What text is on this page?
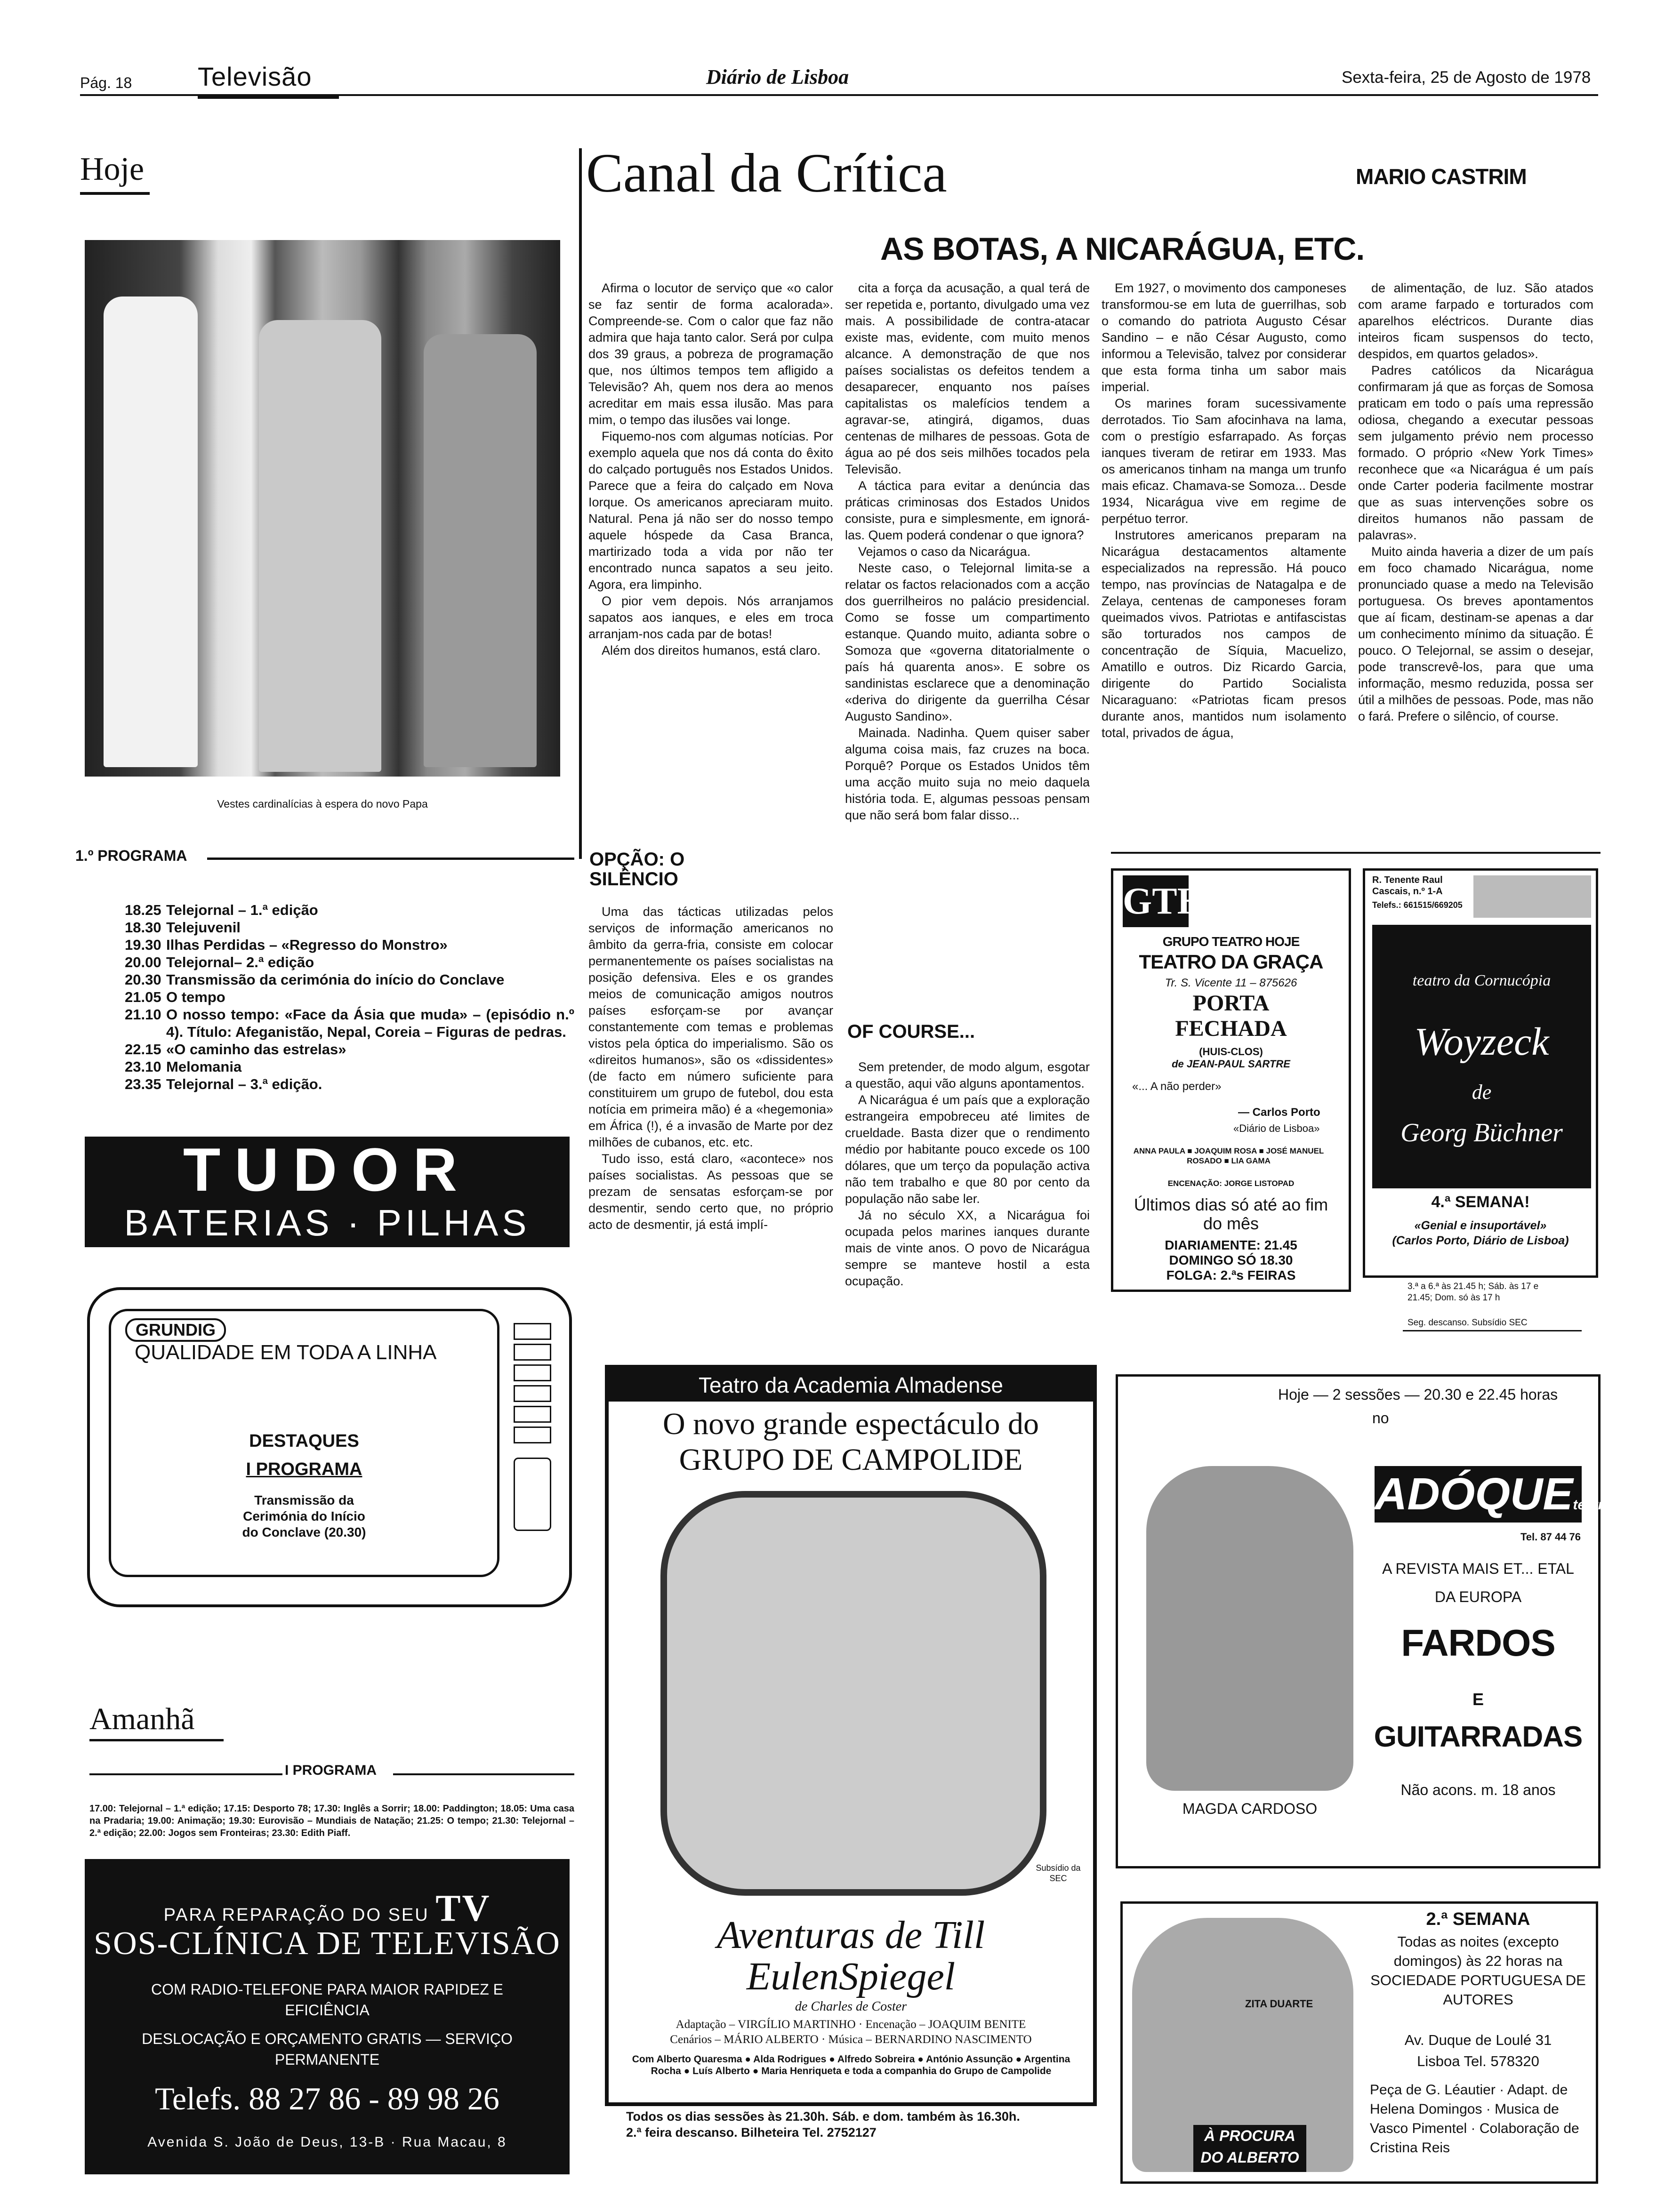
Pág. 18 Televisão	Diário de Lisboa	Sexta-feira, 25 de Agosto de 1978
Hoje
Vestes cardinalícias à espera do novo Papa
1.º PROGRAMA
18.25 Telejornal – 1.ª edição
18.30 Telejuvenil
19.30 Ilhas Perdidas – «Regresso do Monstro»
20.00 Telejornal– 2.ª edição
20.30 Transmissão da cerimónia do início do Conclave
21.05 O tempo
21.10 O nosso tempo: «Face da Ásia que muda» – (episódio n.º 4). Título: Afeganistão, Nepal, Coreia – Figuras de pedras.
22.15 «O caminho das estrelas»
23.10 Melomania
23.35 Telejornal – 3.ª edição.
TUDOR
BATERIAS · PILHAS
GRUNDIG
QUALIDADE EM TODA A LINHA
DESTAQUES
I PROGRAMA
Transmissão da Cerimónia do Início do Conclave (20.30)
Amanhã
I PROGRAMA
17.00: Telejornal – 1.ª edição; 17.15: Desporto 78; 17.30: Inglês a Sorrir; 18.00: Paddington; 18.05: Uma casa na Pradaria; 19.00: Animação; 19.30: Eurovisão – Mundiais de Natação; 21.25: O tempo; 21.30: Telejornal – 2.ª edição; 22.00: Jogos sem Fronteiras; 23.30: Edith Piaff.
PARA REPARAÇÃO DO SEU TV
SOS-CLÍNICA DE TELEVISÃO
COM RADIO-TELEFONE PARA MAIOR RAPIDEZ E EFICIÊNCIA
DESLOCAÇÃO E ORÇAMENTO GRATIS — SERVIÇO PERMANENTE
Telefs. 88 27 86 - 89 98 26
Avenida S. João de Deus, 13-B · Rua Macau, 8
Canal da Crítica	MARIO CASTRIM
AS BOTAS, A NICARÁGUA, ETC.

Afirma o locutor de serviço que «o calor se faz sentir de forma acalorada». Compreende-se. Com o calor que faz não admira que haja tanto calor. Será por culpa dos 39 graus, a pobreza de programação que, nos últimos tempos tem afligido a Televisão? Ah, quem nos dera ao menos acreditar em mais essa ilusão. Mas para mim, o tempo das ilusões vai longe.

Fiquemo-nos com algumas notícias. Por exemplo aquela que nos dá conta do êxito do calçado português nos Estados Unidos. Parece que a feira do calçado em Nova Iorque. Os americanos apreciaram muito. Natural. Pena já não ser do nosso tempo aquele hóspede da Casa Branca, martirizado toda a vida por não ter encontrado nunca sapatos a seu jeito. Agora, era limpinho.

O pior vem depois. Nós arranjamos sapatos aos ianques, e eles em troca arranjam-nos cada par de botas!

Além dos direitos humanos, está claro.

OPÇÃO: O SILÊNCIO

Uma das tácticas utilizadas pelos serviços de informação americanos no âmbito da gerra-fria, consiste em colocar permanentemente os países socialistas na posição defensiva. Eles e os grandes meios de comunicação amigos noutros países esforçam-se por avançar constantemente com temas e problemas vistos pela óptica do imperialismo. São os «direitos humanos», são os «dissidentes» (de facto em número suficiente para constituirem um grupo de futebol, dou esta notícia em primeira mão) é a «hegemonia» em África (!), é a invasão de Marte por dez milhões de cubanos, etc. etc.

Tudo isso, está claro, «acontece» nos países socialistas. As pessoas que se prezam de sensatas esforçam-se por desmentir, sendo certo que, no próprio acto de desmentir, já está implí-

cita a força da acusação, a qual terá de ser repetida e, portanto, divulgado uma vez mais. A possibilidade de contra-atacar existe mas, evidente, com muito menos alcance. A demonstração de que nos países socialistas os defeitos tendem a desaparecer, enquanto nos países capitalistas os malefícios tendem a agravar-se, atingirá, digamos, duas centenas de milhares de pessoas. Gota de água ao pé dos seis milhões tocados pela Televisão.

A táctica para evitar a denúncia das práticas criminosas dos Estados Unidos consiste, pura e simplesmente, em ignorá-las. Quem poderá condenar o que ignora?

Vejamos o caso da Nicarágua.

Neste caso, o Telejornal limita-se a relatar os factos relacionados com a acção dos guerrilheiros no palácio presidencial. Como se fosse um compartimento estanque. Quando muito, adianta sobre o Somoza que «governa ditatorialmente o país há quarenta anos». E sobre os sandinistas esclarece que a denominação «deriva do dirigente da guerrilha César Augusto Sandino».

Mainada. Nadinha. Quem quiser saber alguma coisa mais, faz cruzes na boca. Porquê? Porque os Estados Unidos têm uma acção muito suja no meio daquela história toda. E, algumas pessoas pensam que não será bom falar disso...

OF COURSE...

Sem pretender, de modo algum, esgotar a questão, aqui vão alguns apontamentos.

A Nicarágua é um país que a exploração estrangeira empobreceu até limites de crueldade. Basta dizer que o rendimento médio por habitante pouco excede os 100 dólares, que um terço da população activa não tem trabalho e que 80 por cento da população não sabe ler.

Já no século XX, a Nicarágua foi ocupada pelos marines ianques durante mais de vinte anos. O povo de Nicarágua sempre se manteve hostil a esta ocupação.

Em 1927, o movimento dos camponeses transformou-se em luta de guerrilhas, sob o comando do patriota Augusto César Sandino – e não César Augusto, como informou a Televisão, talvez por considerar que esta forma tinha um sabor mais imperial.

Os marines foram sucessivamente derrotados. Tio Sam afocinhava na lama, com o prestígio esfarrapado. As forças ianques tiveram de retirar em 1933. Mas os americanos tinham na manga um trunfo mais eficaz. Chamava-se Somoza... Desde 1934, Nicarágua vive em regime de perpétuo terror.

Instrutores americanos preparam na Nicarágua destacamentos altamente especializados na repressão. Há pouco tempo, nas províncias de Natagalpa e de Zelaya, centenas de camponeses foram queimados vivos. Patriotas e antifascistas são torturados nos campos de concentração de Síquia, Macuelizo, Amatillo e outros. Diz Ricardo Garcia, dirigente do Partido Socialista Nicaraguano: «Patriotas ficam presos durante anos, mantidos num isolamento total, privados de água,

de alimentação, de luz. São atados com arame farpado e torturados com aparelhos eléctricos. Durante dias inteiros ficam suspensos do tecto, despidos, em quartos gelados».

Padres católicos da Nicarágua confirmaram já que as forças de Somosa praticam em todo o país uma repressão odiosa, chegando a executar pessoas sem julgamento prévio nem processo formado. O próprio «New York Times» reconhece que «a Nicarágua é um país onde Carter poderia facilmente mostrar que as suas intervenções sobre os direitos humanos não passam de palavras».

Muito ainda haveria a dizer de um país em foco chamado Nicarágua, nome pronunciado quase a medo na Televisão portuguesa. Os breves apontamentos que aí ficam, destinam-se apenas a dar um conhecimento mínimo da situação. É pouco. O Telejornal, se assim o desejar, pode transcrevê-los, para que uma informação, mesmo reduzida, possa ser útil a milhões de pessoas. Pode, mas não o fará. Prefere o silêncio, of course.

GTH
GRUPO TEATRO HOJE
TEATRO DA GRAÇA
Tr. S. Vicente 11 – 875626
PORTA FECHADA
(HUIS-CLOS)
de JEAN-PAUL SARTRE
«... A não perder»
— Carlos Porto
«Diário de Lisboa»
ANNA PAULA ■ JOAQUIM ROSA ■ JOSÉ MANUEL ROSADO ■ LIA GAMA
ENCENAÇÃO: JORGE LISTOPAD
Últimos dias só até ao fim do mês
DIARIAMENTE: 21.45
DOMINGO SÓ 18.30
FOLGA: 2.ªs FEIRAS
R. Tenente Raul Cascais, n.º 1-A
Telefs.: 661515/669205
teatro da Cornucópia
Woyzeck
de
Georg Büchner
4.ª SEMANA!
«Genial e insuportável»
(Carlos Porto, Diário de Lisboa)
3.ª a 6.ª às 21.45 h; Sáb. às 17 e 21.45; Dom. só às 17 h
Seg. descanso. Subsídio SEC
Teatro da Academia Almadense
O novo grande espectáculo do GRUPO DE CAMPOLIDE
Subsídio da SEC
Aventuras de Till EulenSpiegel
de Charles de Coster
Adaptação – VIRGÍLIO MARTINHO · Encenação – JOAQUIM BENITE
Cenários – MÁRIO ALBERTO · Música – BERNARDINO NASCIMENTO
Com Alberto Quaresma ● Alda Rodrigues ● Alfredo Sobreira ● António Assunção ● Argentina Rocha ● Luís Alberto ● Maria Henriqueta e toda a companhia do Grupo de Campolide
Todos os dias sessões às 21.30h. Sáb. e dom. também às 16.30h.
2.ª feira descanso. Bilheteira Tel. 2752127
Hoje — 2 sessões — 20.30 e 22.45 horas
no
MAGDA CARDOSO
ADÓQUEteatro
Tel. 87 44 76
A REVISTA MAIS ET... ETAL
DA EUROPA
FARDOS
E
GUITARRADAS
Não acons. m. 18 anos
ZITA DUARTE
À PROCURA DO ALBERTO
2.ª SEMANA
Todas as noites (excepto domingos) às 22 horas na SOCIEDADE PORTUGUESA DE AUTORES
Av. Duque de Loulé 31
Lisboa Tel. 578320
Peça de G. Léautier · Adapt. de Helena Domingos · Musica de Vasco Pimentel · Colaboração de Cristina Reis
